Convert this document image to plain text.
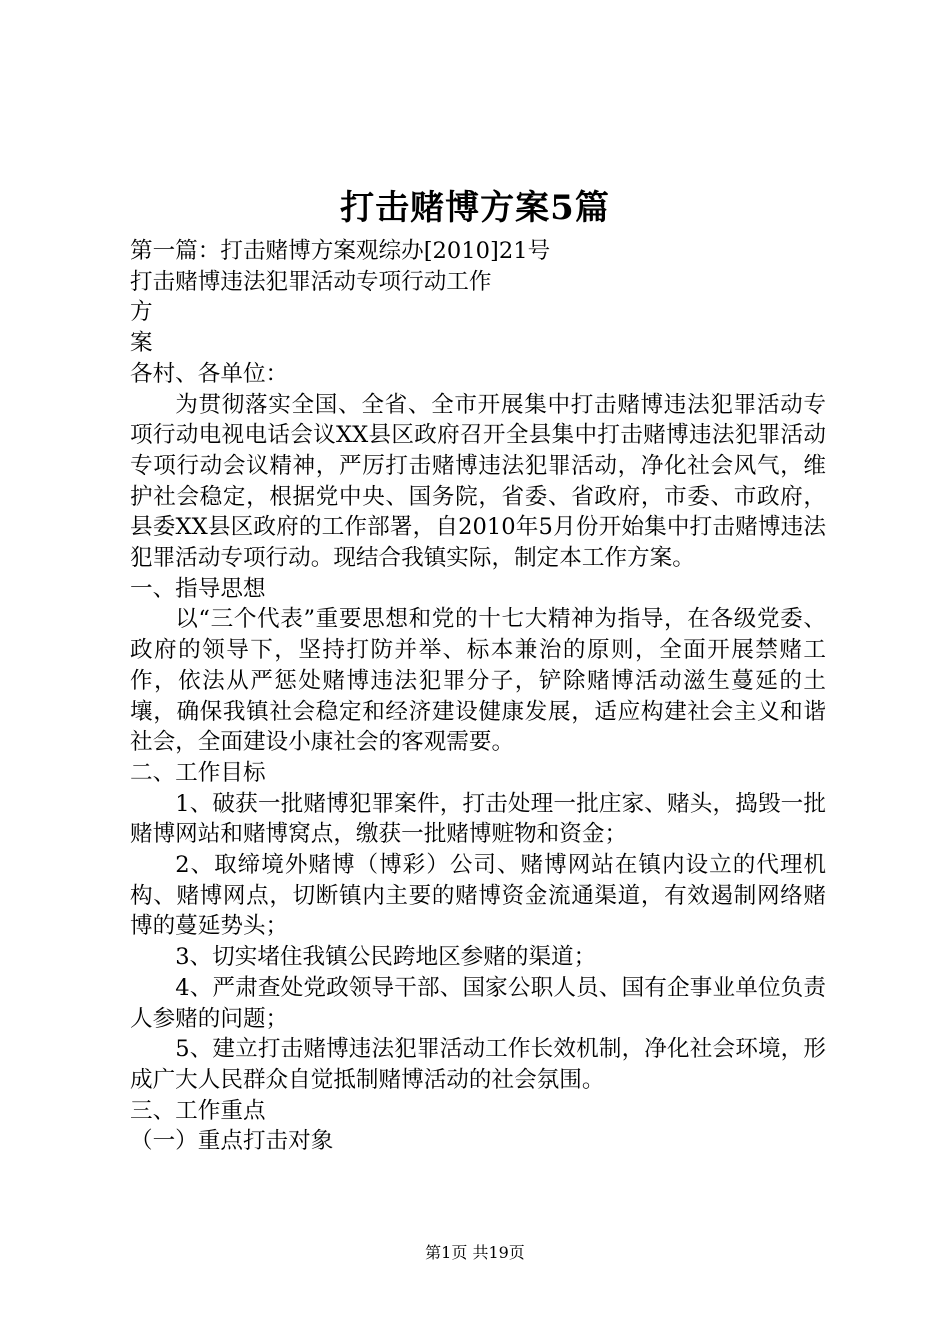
打击赌博方案5篇

第一篇：打击赌博方案观综办[2010]21号

打击赌博违法犯罪活动专项行动工作

方

案

各村、各单位：

为贯彻落实全国、全省、全市开展集中打击赌博违法犯罪活动专项行动电视电话会议XX县区政府召开全县集中打击赌博违法犯罪活动专项行动会议精神，严厉打击赌博违法犯罪活动，净化社会风气，维护社会稳定，根据党中央、国务院，省委、省政府，市委、市政府，县委XX县区政府的工作部署，自2010年5月份开始集中打击赌博违法犯罪活动专项行动。现结合我镇实际，制定本工作方案。

一、指导思想

以“三个代表”重要思想和党的十七大精神为指导，在各级党委、政府的领导下，坚持打防并举、标本兼治的原则，全面开展禁赌工作，依法从严惩处赌博违法犯罪分子，铲除赌博活动滋生蔓延的土壤，确保我镇社会稳定和经济建设健康发展，适应构建社会主义和谐社会，全面建设小康社会的客观需要。

二、工作目标

1、破获一批赌博犯罪案件，打击处理一批庄家、赌头，捣毁一批赌博网站和赌博窝点，缴获一批赌博赃物和资金；

2、取缔境外赌博（博彩）公司、赌博网站在镇内设立的代理机构、赌博网点，切断镇内主要的赌博资金流通渠道，有效遏制网络赌博的蔓延势头；

3、切实堵住我镇公民跨地区参赌的渠道；

4、严肃查处党政领导干部、国家公职人员、国有企事业单位负责人参赌的问题；

5、建立打击赌博违法犯罪活动工作长效机制，净化社会环境，形成广大人民群众自觉抵制赌博活动的社会氛围。

三、工作重点

（一）重点打击对象

第1页 共19页
